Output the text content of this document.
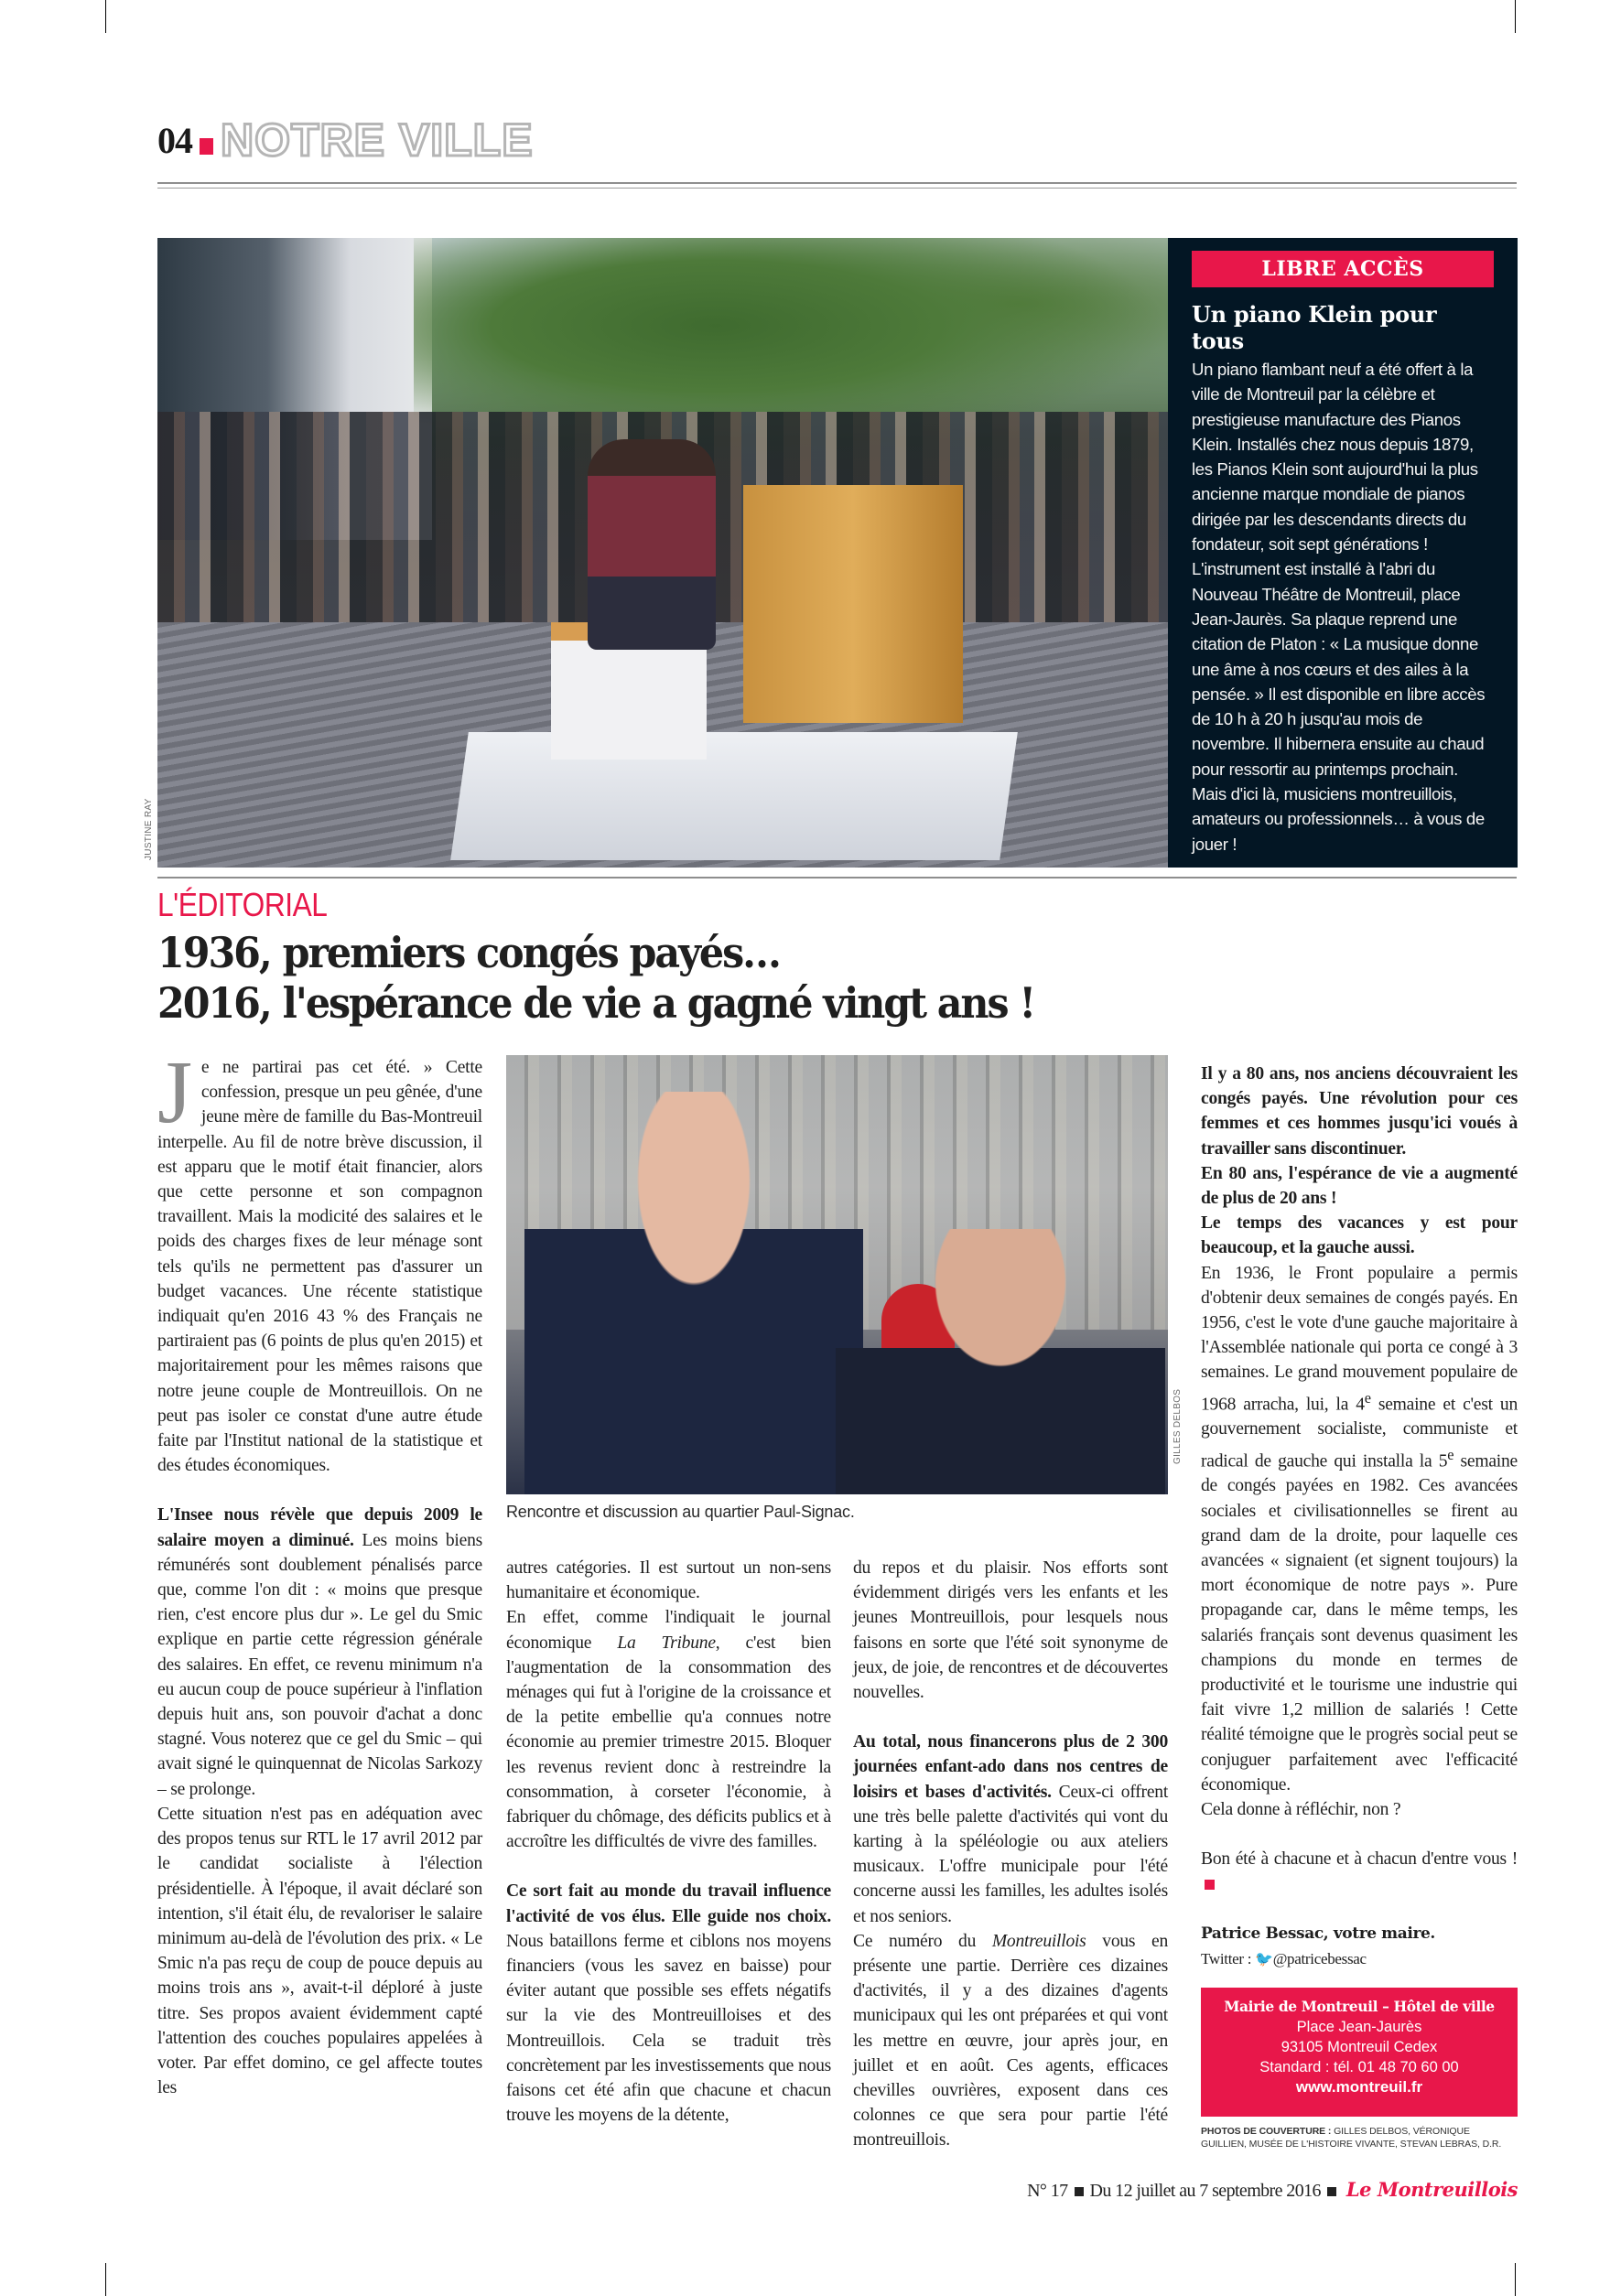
04 NOTRE VILLE
JUSTINE RAY
LIBRE ACCÈS
Un piano Klein pour tous
Un piano flambant neuf a été offert à la ville de Montreuil par la célèbre et prestigieuse manufacture des Pianos Klein. Installés chez nous depuis 1879, les Pianos Klein sont aujourd'hui la plus ancienne marque mondiale de pianos dirigée par les descendants directs du fondateur, soit sept générations ! L'instrument est installé à l'abri du Nouveau Théâtre de Montreuil, place Jean-Jaurès. Sa plaque reprend une citation de Platon : « La musique donne une âme à nos cœurs et des ailes à la pensée. » Il est disponible en libre accès de 10 h à 20 h jusqu'au mois de novembre. Il hibernera ensuite au chaud pour ressortir au printemps prochain. Mais d'ici là, musiciens montreuillois, amateurs ou professionnels… à vous de jouer !
L'ÉDITORIAL
1936, premiers congés payés…
2016, l'espérance de vie a gagné vingt ans !

J e ne partirai pas cet été. » Cette confession, presque un peu gênée, d'une jeune mère de famille du Bas-Montreuil interpelle. Au fil de notre brève discussion, il est apparu que le motif était financier, alors que cette personne et son compagnon travaillent. Mais la modicité des salaires et le poids des charges fixes de leur ménage sont tels qu'ils ne permettent pas d'assurer un budget vacances. Une récente statistique indiquait qu'en 2016 43 % des Français ne partiraient pas (6 points de plus qu'en 2015) et majoritairement pour les mêmes raisons que notre jeune couple de Montreuillois. On ne peut pas isoler ce constat d'une autre étude faite par l'Institut national de la statistique et des études économiques.

L'Insee nous révèle que depuis 2009 le salaire moyen a diminué. Les moins biens rémunérés sont doublement pénalisés parce que, comme l'on dit : « moins que presque rien, c'est encore plus dur ». Le gel du Smic explique en partie cette régression générale des salaires. En effet, ce revenu minimum n'a eu aucun coup de pouce supérieur à l'inflation depuis huit ans, son pouvoir d'achat a donc stagné. Vous noterez que ce gel du Smic – qui avait signé le quinquennat de Nicolas Sarkozy – se prolonge.

Cette situation n'est pas en adéquation avec des propos tenus sur RTL le 17 avril 2012 par le candidat socialiste à l'élection présidentielle. À l'époque, il avait déclaré son intention, s'il était élu, de revaloriser le salaire minimum au-delà de l'évolution des prix. « Le Smic n'a pas reçu de coup de pouce depuis au moins trois ans », avait-t-il déploré à juste titre. Ses propos avaient évidemment capté l'attention des couches populaires appelées à voter. Par effet domino, ce gel affecte toutes les

GILLES DELBOS
Rencontre et discussion au quartier Paul-Signac.

autres catégories. Il est surtout un non-sens humanitaire et économique.

En effet, comme l'indiquait le journal économique La Tribune, c'est bien l'augmentation de la consommation des ménages qui fut à l'origine de la croissance et de la petite embellie qu'a connues notre économie au premier trimestre 2015. Bloquer les revenus revient donc à restreindre la consommation, à corseter l'économie, à fabriquer du chômage, des déficits publics et à accroître les difficultés de vivre des familles.

Ce sort fait au monde du travail influence l'activité de vos élus. Elle guide nos choix. Nous bataillons ferme et ciblons nos moyens financiers (vous les savez en baisse) pour éviter autant que possible ses effets négatifs sur la vie des Montreuilloises et des Montreuillois. Cela se traduit très concrètement par les investissements que nous faisons cet été afin que chacune et chacun trouve les moyens de la détente,

du repos et du plaisir. Nos efforts sont évidemment dirigés vers les enfants et les jeunes Montreuillois, pour lesquels nous faisons en sorte que l'été soit synonyme de jeux, de joie, de rencontres et de découvertes nouvelles.

Au total, nous financerons plus de 2 300 journées enfant-ado dans nos centres de loisirs et bases d'activités. Ceux-ci offrent une très belle palette d'activités qui vont du karting à la spéléologie ou aux ateliers musicaux. L'offre municipale pour l'été concerne aussi les familles, les adultes isolés et nos seniors.

Ce numéro du Montreuillois vous en présente une partie. Derrière ces dizaines d'activités, il y a des dizaines d'agents municipaux qui les ont préparées et qui vont les mettre en œuvre, jour après jour, en juillet et en août. Ces agents, efficaces chevilles ouvrières, exposent dans ces colonnes ce que sera pour partie l'été montreuillois.

Il y a 80 ans, nos anciens découvraient les congés payés. Une révolution pour ces femmes et ces hommes jusqu'ici voués à travailler sans discontinuer.

En 80 ans, l'espérance de vie a augmenté de plus de 20 ans !

Le temps des vacances y est pour beaucoup, et la gauche aussi.

En 1936, le Front populaire a permis d'obtenir deux semaines de congés payés. En 1956, c'est le vote d'une gauche majoritaire à l'Assemblée nationale qui porta ce congé à 3 semaines. Le grand mouvement populaire de 1968 arracha, lui, la 4e semaine et c'est un gouvernement socialiste, communiste et radical de gauche qui installa la 5e semaine de congés payées en 1982. Ces avancées sociales et civilisationnelles se firent au grand dam de la droite, pour laquelle ces avancées « signaient (et signent toujours) la mort économique de notre pays ». Pure propagande car, dans le même temps, les salariés français sont devenus quasiment les champions du monde en termes de productivité et le tourisme une industrie qui fait vivre 1,2 million de salariés ! Cette réalité témoigne que le progrès social peut se conjuguer parfaitement avec l'efficacité économique.

Cela donne à réfléchir, non ?

Bon été à chacune et à chacun d'entre vous !

Patrice Bessac, votre maire.

Twitter : 🐦@patricebessac

Mairie de Montreuil – Hôtel de ville
Place Jean-Jaurès
93105 Montreuil Cedex
Standard : tél. 01 48 70 60 00
www.montreuil.fr
PHOTOS DE COUVERTURE : GILLES DELBOS, VÉRONIQUE GUILLIEN, MUSÉE DE L'HISTOIRE VIVANTE, STEVAN LEBRAS, D.R.
N° 17 Du 12 juillet au 7 septembre 2016 Le Montreuillois
